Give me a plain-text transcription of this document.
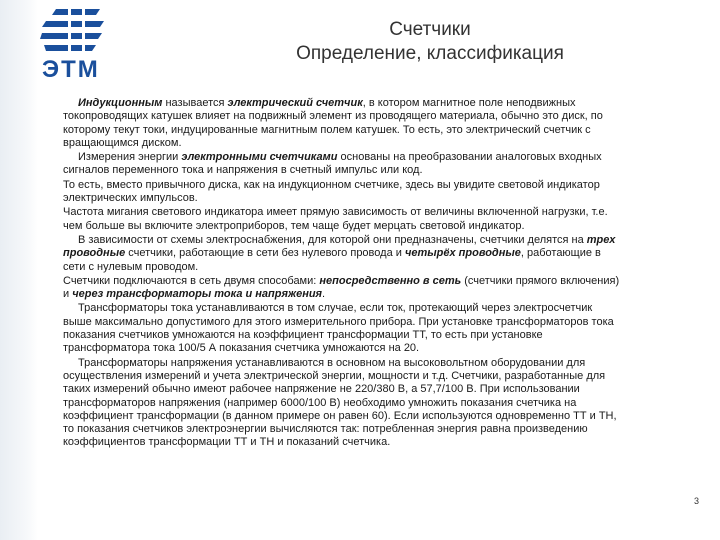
ЭТМ
Счетчики
Определение, классификация

Индукционным называется электрический счетчик, в котором магнитное поле неподвижных токопроводящих катушек влияет на подвижный элемент из проводящего материала, обычно это диск, по которому текут токи, индуцированные магнитным полем катушек. То есть, это электрический счетчик с вращающимся диском.

Измерения энергии электронными счетчиками основаны на преобразовании аналоговых входных сигналов переменного тока и напряжения в счетный импульс или код.

То есть, вместо привычного диска, как на индукционном счетчике, здесь вы увидите световой индикатор электрических импульсов.

Частота мигания светового индикатора имеет прямую зависимость от величины включенной нагрузки, т.е. чем больше вы включите электроприборов, тем чаще будет мерцать световой индикатор.

В зависимости от схемы электроснабжения, для которой они предназначены, счетчики делятся на трех проводные счетчики, работающие в сети без нулевого провода и четырёх проводные, работающие в сети с нулевым проводом.

Счетчики подключаются в сеть двумя способами: непосредственно в сеть (счетчики прямого включения) и через трансформаторы тока и напряжения.

Трансформаторы тока устанавливаются в том случае, если ток, протекающий через электросчетчик выше максимально допустимого для этого измерительного прибора. При установке трансформаторов тока показания счетчиков умножаются на коэффициент трансформации ТТ, то есть при установке трансформатора тока 100/5 А показания счетчика умножаются на 20.

Трансформаторы напряжения устанавливаются в основном на высоковольтном оборудовании для осуществления измерений и учета электрической энергии, мощности и т.д. Счетчики, разработанные для таких измерений обычно имеют рабочее напряжение не 220/380 В, а 57,7/100 В. При использовании трансформаторов напряжения (например 6000/100 В) необходимо умножить показания счетчика на коэффициент трансформации (в данном примере он равен 60). Если используются одновременно ТТ и ТН, то показания счетчиков электроэнергии вычисляются так: потребленная энергия равна произведению коэффициентов трансформации ТТ и ТН и показаний счетчика.

3
